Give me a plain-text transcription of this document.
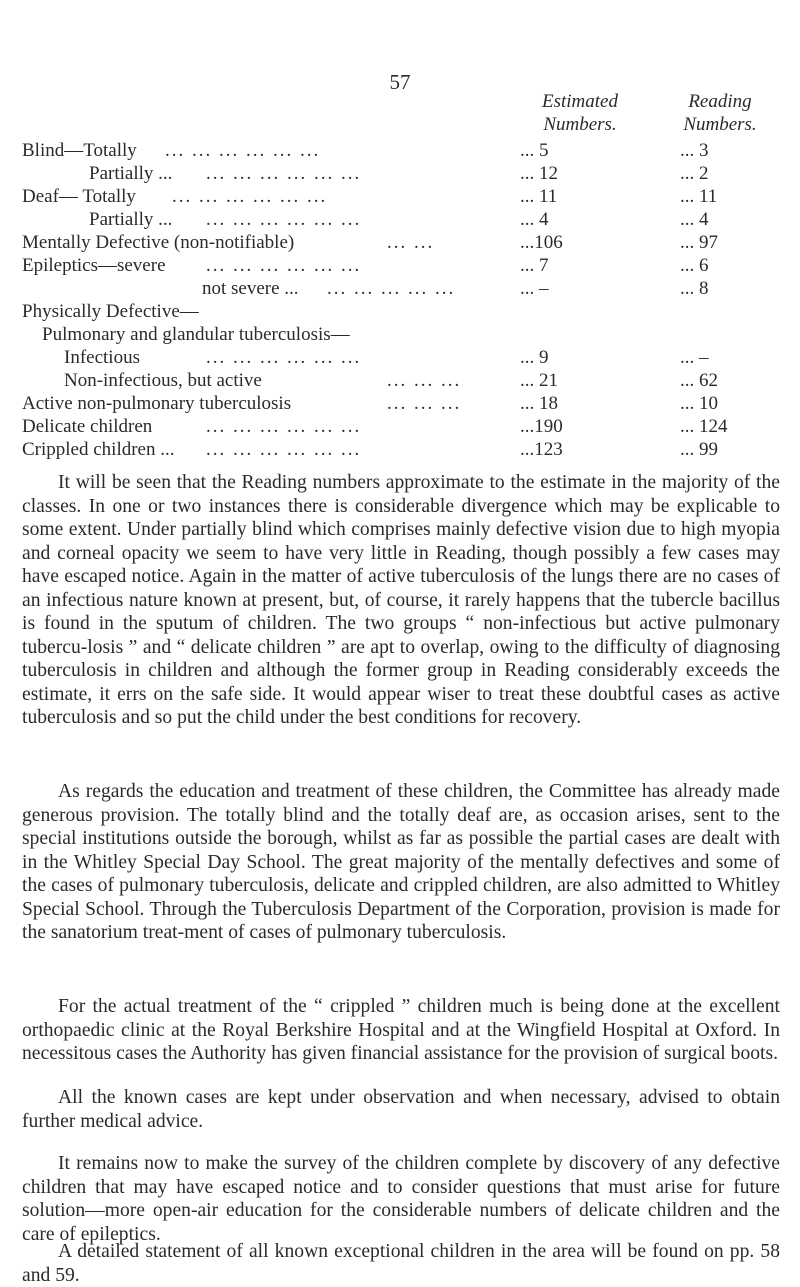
57
Estimated
Numbers.
Reading
Numbers.
Blind—Totally ... ... ... ... ... ...	... 5	... 3
Partially ... ... ... ... ... ... ...	... 12	... 2
Deaf— Totally ... ... ... ... ... ...	... 11	... 11
Partially ... ... ... ... ... ... ...	... 4	... 4
Mentally Defective (non-notifiable)	... ...	...106	... 97
Epileptics—severe ... ... ... ... ... ...	... 7	... 6
not severe ... ... ... ... ... ...	... –	... 8
Physically Defective—
Pulmonary and glandular tuberculosis—
Infectious	... ... ... ... ... ...	... 9	... –
Non-infectious, but active	... ... ...	... 21	... 62
Active non-pulmonary tuberculosis	... ... ...	... 18	... 10
Delicate children	... ... ... ... ... ...	...190	... 124
Crippled children ... ... ... ... ... ... ...	...123	... 99

It will be seen that the Reading numbers approximate to the estimate in the majority of the classes. In one or two instances there is considerable divergence which may be explicable to some extent. Under partially blind which comprises mainly defective vision due to high myopia and corneal opacity we seem to have very little in Reading, though possibly a few cases may have escaped notice. Again in the matter of active tuberculosis of the lungs there are no cases of an infectious nature known at present, but, of course, it rarely happens that the tubercle bacillus is found in the sputum of children. The two groups “ non-infectious but active pulmonary tubercu-losis ” and “ delicate children ” are apt to overlap, owing to the difficulty of diagnosing tuberculosis in children and although the former group in Reading considerably exceeds the estimate, it errs on the safe side. It would appear wiser to treat these doubtful cases as active tuberculosis and so put the child under the best conditions for recovery.

As regards the education and treatment of these children, the Committee has already made generous provision. The totally blind and the totally deaf are, as occasion arises, sent to the special institutions outside the borough, whilst as far as possible the partial cases are dealt with in the Whitley Special Day School. The great majority of the mentally defectives and some of the cases of pulmonary tuberculosis, delicate and crippled children, are also admitted to Whitley Special School. Through the Tuberculosis Department of the Corporation, provision is made for the sanatorium treat-ment of cases of pulmonary tuberculosis.

For the actual treatment of the “ crippled ” children much is being done at the excellent orthopaedic clinic at the Royal Berkshire Hospital and at the Wingfield Hospital at Oxford. In necessitous cases the Authority has given financial assistance for the provision of surgical boots.

All the known cases are kept under observation and when necessary, advised to obtain further medical advice.

It remains now to make the survey of the children complete by discovery of any defective children that may have escaped notice and to consider questions that must arise for future solution—more open-air education for the considerable numbers of delicate children and the care of epileptics.

A detailed statement of all known exceptional children in the area will be found on pp. 58 and 59.
